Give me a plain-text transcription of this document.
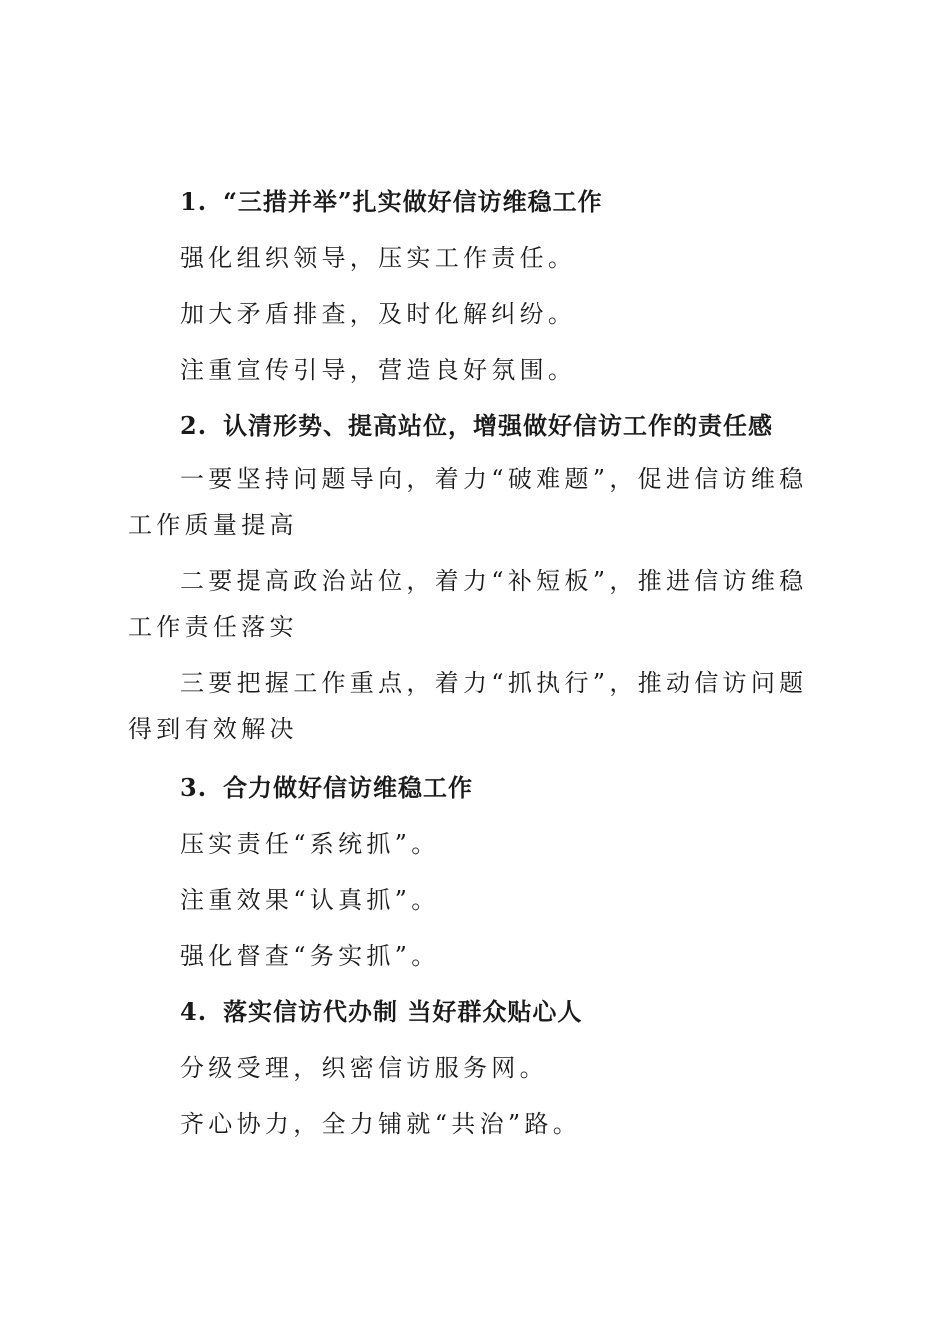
1. “三措并举”扎实做好信访维稳工作

强化组织领导，压实工作责任。

加大矛盾排查，及时化解纠纷。

注重宣传引导，营造良好氛围。

2. 认清形势、提高站位，增强做好信访工作的责任感

一要坚持问题导向，着力“破难题”，促进信访维稳工作质量提高

二要提高政治站位，着力“补短板”，推进信访维稳工作责任落实

三要把握工作重点，着力“抓执行”，推动信访问题得到有效解决

3. 合力做好信访维稳工作

压实责任“系统抓”。

注重效果“认真抓”。

强化督查“务实抓”。

4. 落实信访代办制 当好群众贴心人

分级受理，织密信访服务网。

齐心协力，全力铺就“共治”路。
